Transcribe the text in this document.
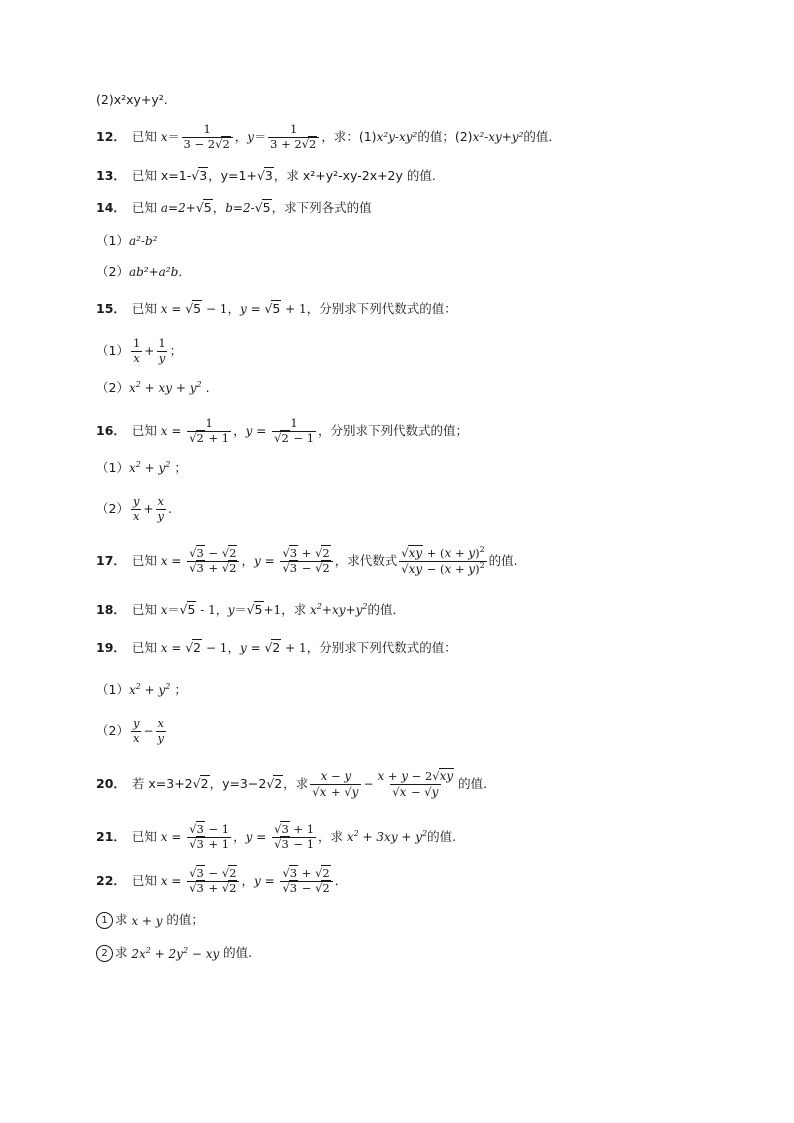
(2)x²xy+y².
12． 已知 $x = \frac{1}{3 - 2√2}$ ， $y = \frac{1}{3 + 2√2}$ ，求：(1) x²y-xy² 的值；(2) x²-xy+y² 的值．
13． 已知 x=1- √3 ，y=1+ √3 ，求 x²+y²-xy-2x+2y 的值.
14． 已知
a=2+ √5 ， b=2- √5 ，求下列各式的值
（1） a²-b²
（2） ab²+a²b．
15． 已知 x = √5 − 1 ， y = √5 + 1 ，分别求下列代数式的值：
$(1) \frac{1}{x} + \frac{1}{y}$ ；
（2） $x^2$ + xy + $y^2$ .
16． 已知 $x = \frac{1}{√2 + 1}$ ， $y = \frac{1}{√2 - 1}$ ，分别求下列代数式的值；
（1） $x^2 + y^2$ ；
$(2) \frac{y}{x} + \frac{x}{y}$ .
17． 已知 $x = \frac{√3 - √2}{√3 + √2}$ ， $y = \frac{√3 + √2}{√3 - √2}$ ，求代数式 $\frac{√xy + (x + y)^2}{√xy - (x + y)^2}$ 的值.
18． 已知 x ＝ √5 - 1， y ＝ √5 +1 ，求 $x^2+xy+y^2$ 的值．
19． 已知 x = √2 − 1 ， y = √2 + 1 ，分别求下列代数式的值：
（1） $x^2 + y^2$ ；
$(2) \frac{y}{x} - \frac{x}{y}$
20． 若 x=3+2 √2 ，y=3−2 √2 ，求 $\frac{x - y}{√x + √y} - \frac{x + y - 2√xy}{√x - √y}$ 的值．
21． 已知 $x = \frac{√3 - 1}{√3 + 1}$ ， $y = \frac{√3 + 1}{√3 - 1}$ ，求 $x^2 + 3xy + y^2$ 的值.
22． 已知 $x = \frac{√3 - √2}{√3 + √2}$ ， $y = \frac{√3 + √2}{√3 - √2}$ ．
1 求 x + y 的值；
2 求 $2x^2 + 2y^2$ − xy 的值.
